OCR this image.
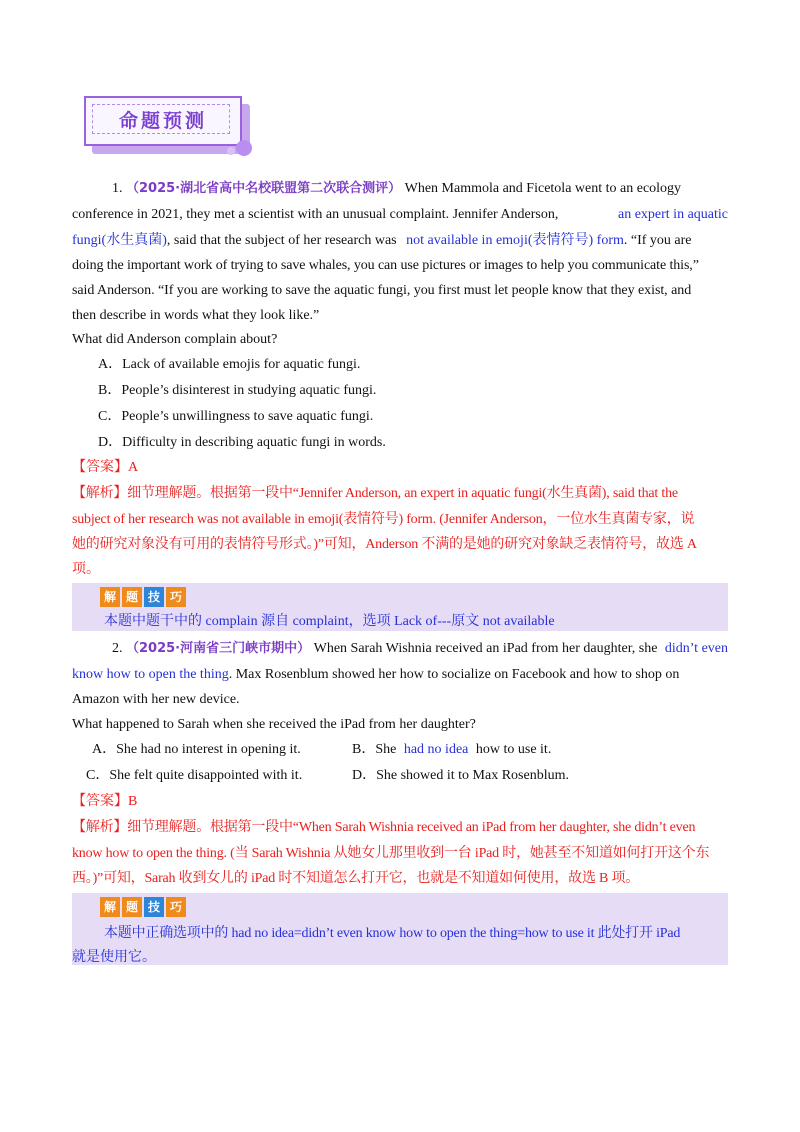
命题预测
1. （2025·湖北省高中名校联盟第二次联合测评） When Mammola and Ficetola went to an ecology
conference in 2021, they met a scientist with an unusual complaint. Jennifer Anderson,	an expert in aquatic
fungi(水生真菌), said that the subject of her research was not available in emoji(表情符号) form. “If you are
doing the important work of trying to save whales, you can use pictures or images to help you communicate this,”
said Anderson. “If you are working to save the aquatic fungi, you first must let people know that they exist, and
then describe in words what they look like.”
What did Anderson complain about?
A．Lack of available emojis for aquatic fungi.
B．People’s disinterest in studying aquatic fungi.
C．People’s unwillingness to save aquatic fungi.
D．Difficulty in describing aquatic fungi in words.
【答案】A
【解析】细节理解题。根据第一段中“Jennifer Anderson, an expert in aquatic fungi(水生真菌), said that the
subject of her research was not available in emoji(表情符号) form. (Jennifer Anderson，一位水生真菌专家，说
她的研究对象没有可用的表情符号形式。)”可知，Anderson 不满的是她的研究对象缺乏表情符号，故选 A
项。
解 题 技 巧
本题中题干中的 complain 源自 complaint，选项 Lack of---原文 not available
2. （2025·河南省三门峡市期中） When Sarah Wishnia received an iPad from her daughter, she didn’t even
know how to open the thing. Max Rosenblum showed her how to socialize on Facebook and how to shop on
Amazon with her new device.
What happened to Sarah when she received the iPad from her daughter?
A．She had no interest in opening it.	B．She had no idea how to use it.
C．She felt quite disappointed with it.	D．She showed it to Max Rosenblum.
【答案】B
【解析】细节理解题。根据第一段中“When Sarah Wishnia received an iPad from her daughter, she didn’t even
know how to open the thing. (当 Sarah Wishnia 从她女儿那里收到一台 iPad 时，她甚至不知道如何打开这个东
西。)”可知，Sarah 收到女儿的 iPad 时不知道怎么打开它，也就是不知道如何使用，故选 B 项。
解 题 技 巧
本题中正确选项中的 had no idea=didn’t even know how to open the thing=how to use it 此处打开 iPad
就是使用它。
